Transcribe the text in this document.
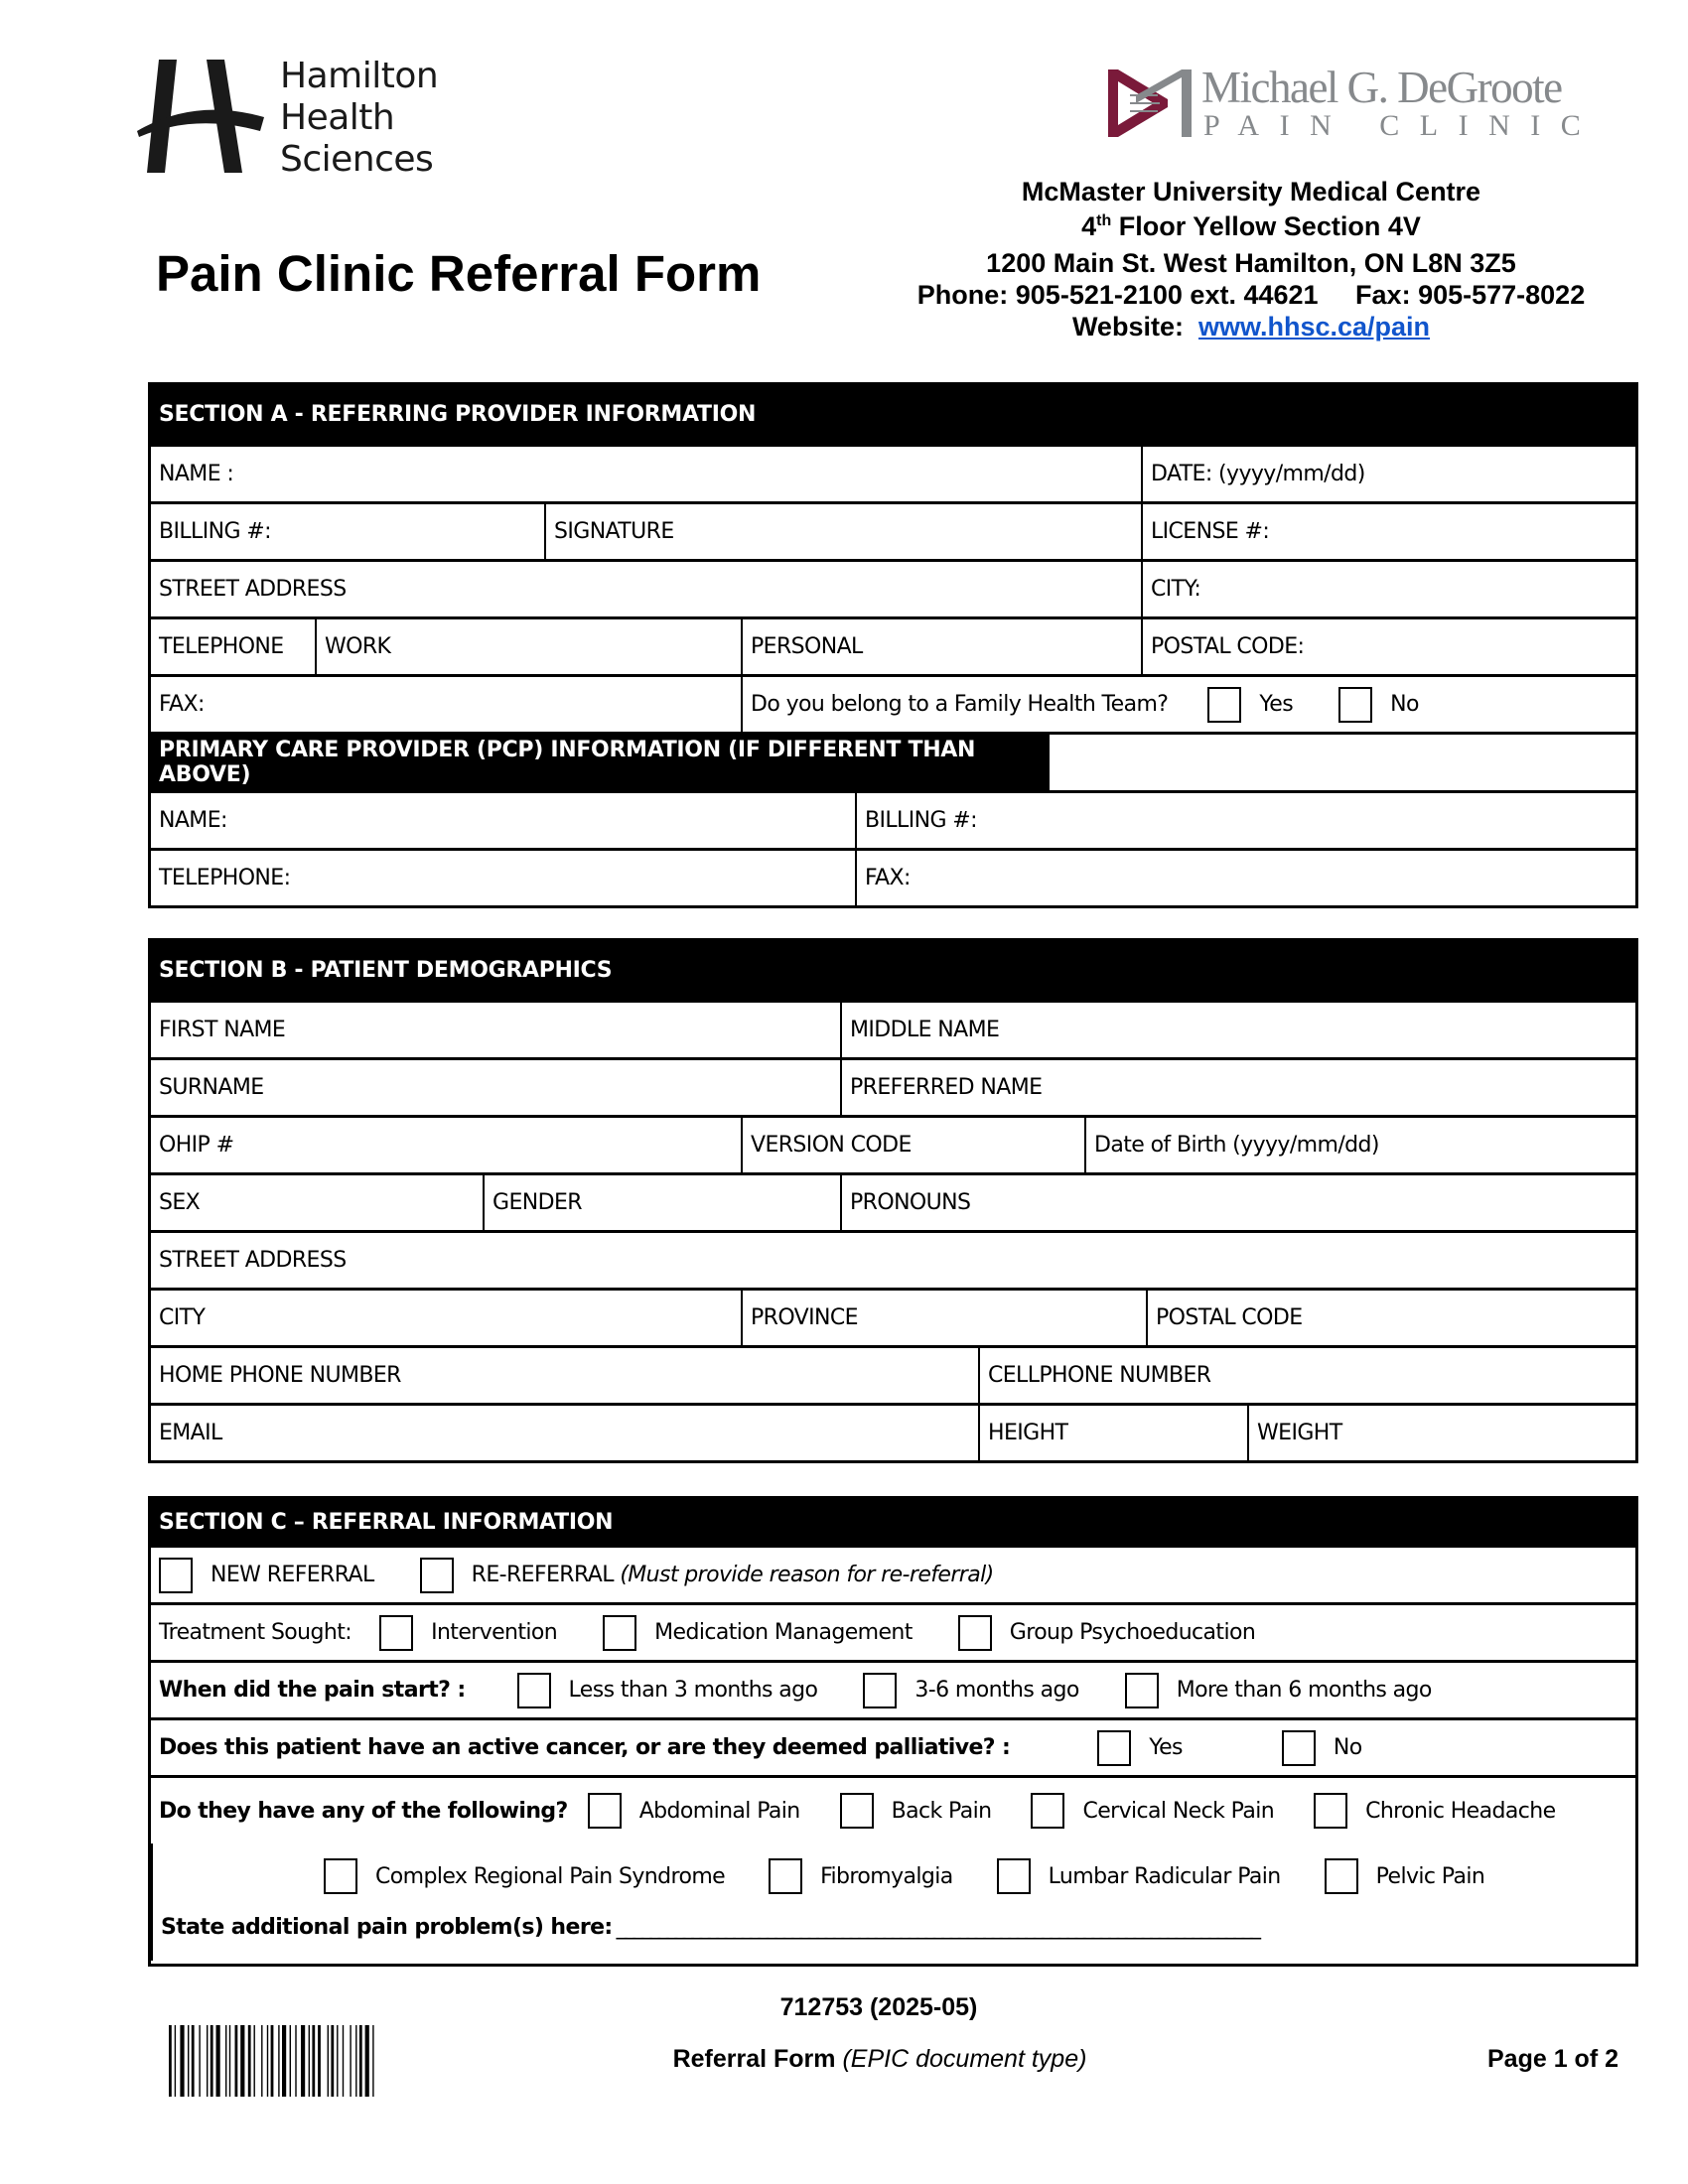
Hamilton
Health
Sciences
Michael G. DeGroote
PAIN CLINIC
Pain Clinic Referral Form
McMaster University Medical Centre
4th Floor Yellow Section 4V
1200 Main St. West Hamilton, ON L8N 3Z5
Phone: 905-521-2100 ext. 44621 Fax: 905-577-8022
Website: www.hhsc.ca/pain
SECTION A - REFERRING PROVIDER INFORMATION
NAME :	DATE: (yyyy/mm/dd)
BILLING #:	SIGNATURE	LICENSE #:
STREET ADDRESS	CITY:
TELEPHONE	WORK	PERSONAL	POSTAL CODE:
FAX:	Do you belong to a Family Health Team?	Yes	No
PRIMARY CARE PROVIDER (PCP) INFORMATION (IF DIFFERENT THAN ABOVE)
NAME:	BILLING #:
TELEPHONE:	FAX:
SECTION B - PATIENT DEMOGRAPHICS
FIRST NAME	MIDDLE NAME
SURNAME	PREFERRED NAME
OHIP #	VERSION CODE	Date of Birth (yyyy/mm/dd)
SEX	GENDER	PRONOUNS
STREET ADDRESS
CITY	PROVINCE	POSTAL CODE
HOME PHONE NUMBER	CELLPHONE NUMBER
EMAIL	HEIGHT	WEIGHT
SECTION C – REFERRAL INFORMATION
NEW REFERRAL	RE-REFERRAL (Must provide reason for re-referral)
Treatment Sought:	Intervention	Medication Management	Group Psychoeducation
When did the pain start? :	Less than 3 months ago	3-6 months ago	More than 6 months ago
Does this patient have an active cancer, or are they deemed palliative? :	Yes	No
Do they have any of the following?	Abdominal Pain	Back Pain	Cervical Neck Pain	Chronic Headache
Complex Regional Pain Syndrome	Fibromyalgia	Lumbar Radicular Pain	Pelvic Pain
State additional pain problem(s) here: _____________________________________________________________________________
712753 (2025-05)
Referral Form (EPIC document type)	Page 1 of 2
